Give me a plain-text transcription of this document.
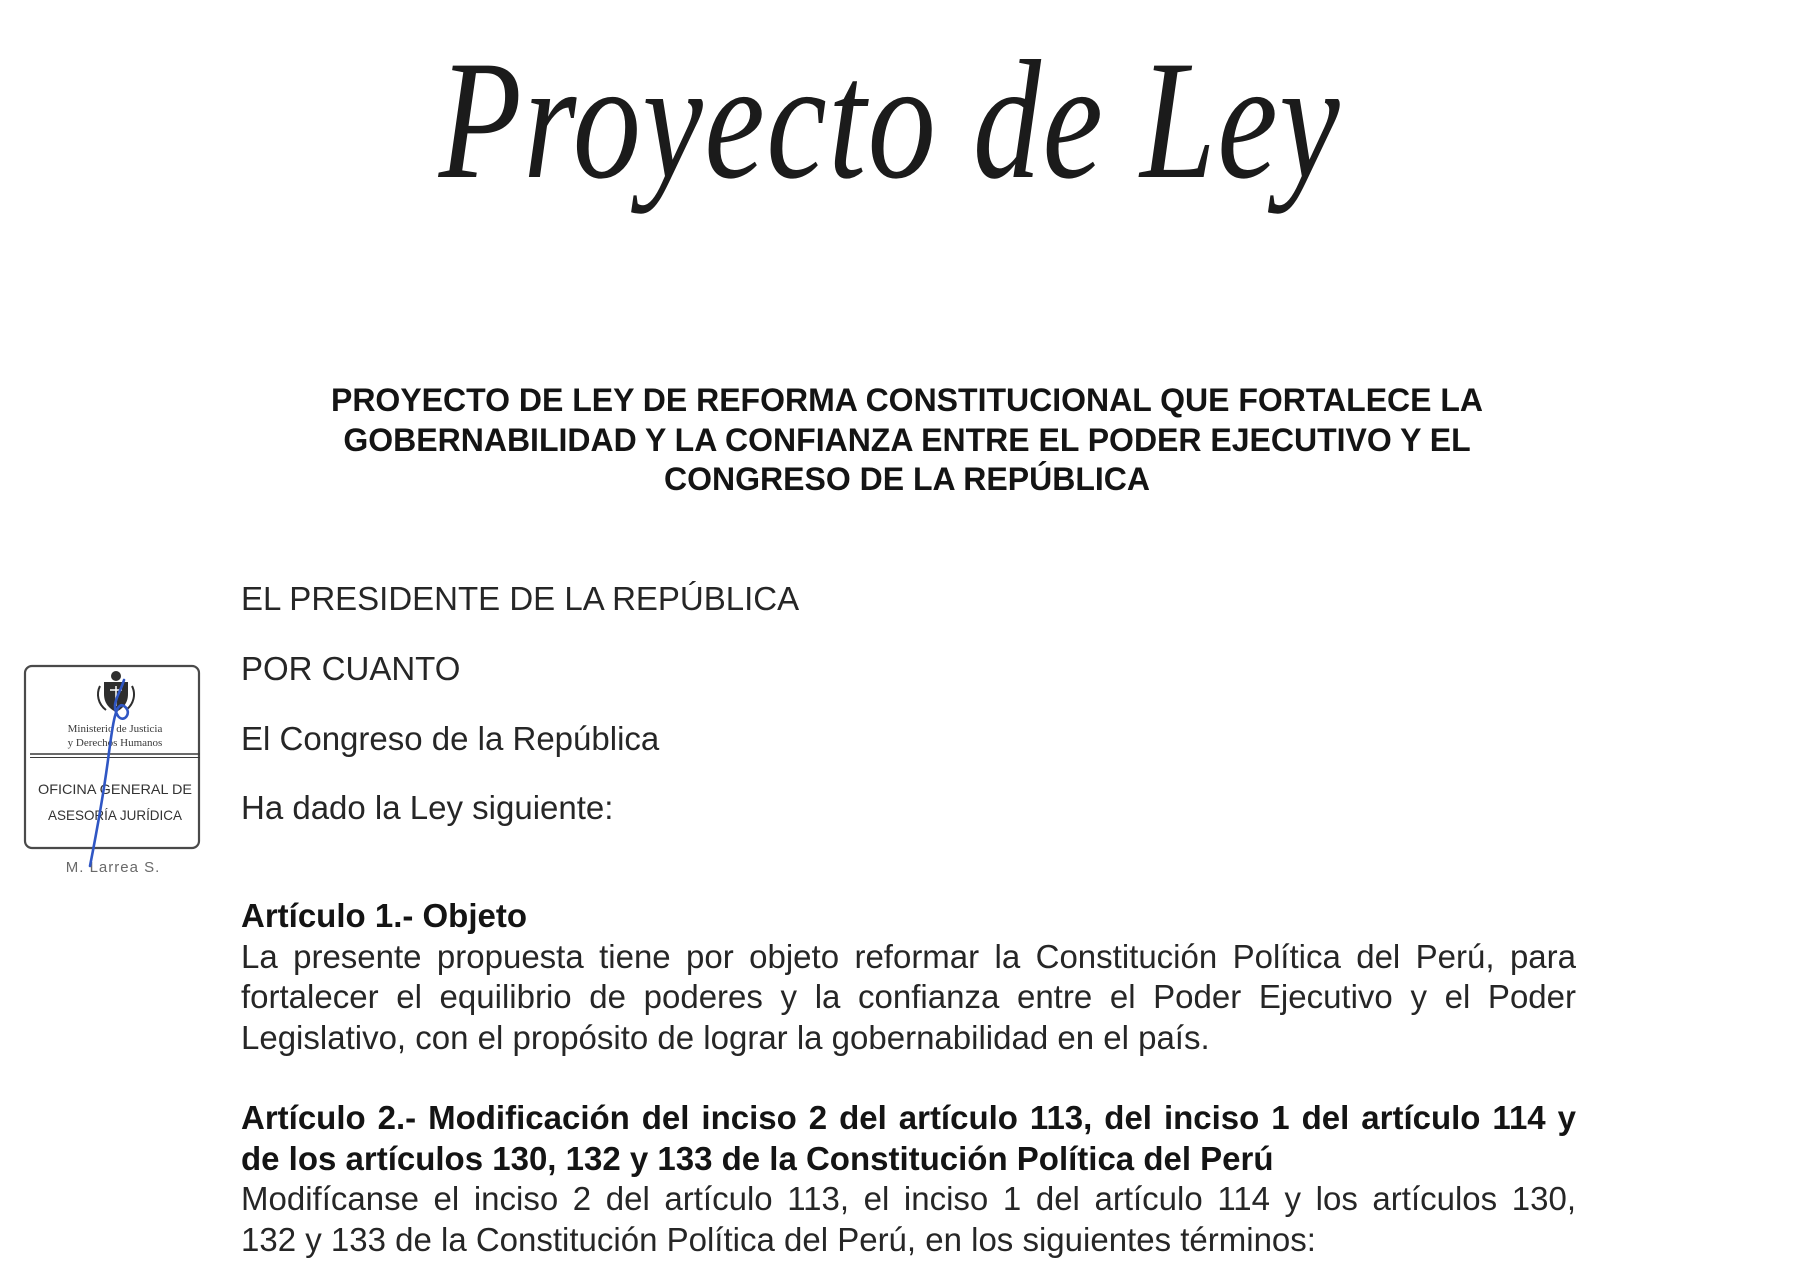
Proyecto de Ley
PROYECTO DE LEY DE REFORMA CONSTITUCIONAL QUE FORTALECE LA
GOBERNABILIDAD Y LA CONFIANZA ENTRE EL PODER EJECUTIVO Y EL
CONGRESO DE LA REPÚBLICA
EL PRESIDENTE DE LA REPÚBLICA
POR CUANTO
El Congreso de la República
Ha dado la Ley siguiente:
Artículo 1.- Objeto
La presente propuesta tiene por objeto reformar la Constitución Política del Perú, para
fortalecer el equilibrio de poderes y la confianza entre el Poder Ejecutivo y el Poder
Legislativo, con el propósito de lograr la gobernabilidad en el país.
Artículo 2.- Modificación del inciso 2 del artículo 113, del inciso 1 del artículo 114 y
de los artículos 130, 132 y 133 de la Constitución Política del Perú
Modifícanse el inciso 2 del artículo 113, el inciso 1 del artículo 114 y los artículos 130,
132 y 133 de la Constitución Política del Perú, en los siguientes términos:
Ministerio de Justicia
y Derechos Humanos
OFICINA GENERAL DE
ASESORÍA JURÍDICA
M. Larrea S.
